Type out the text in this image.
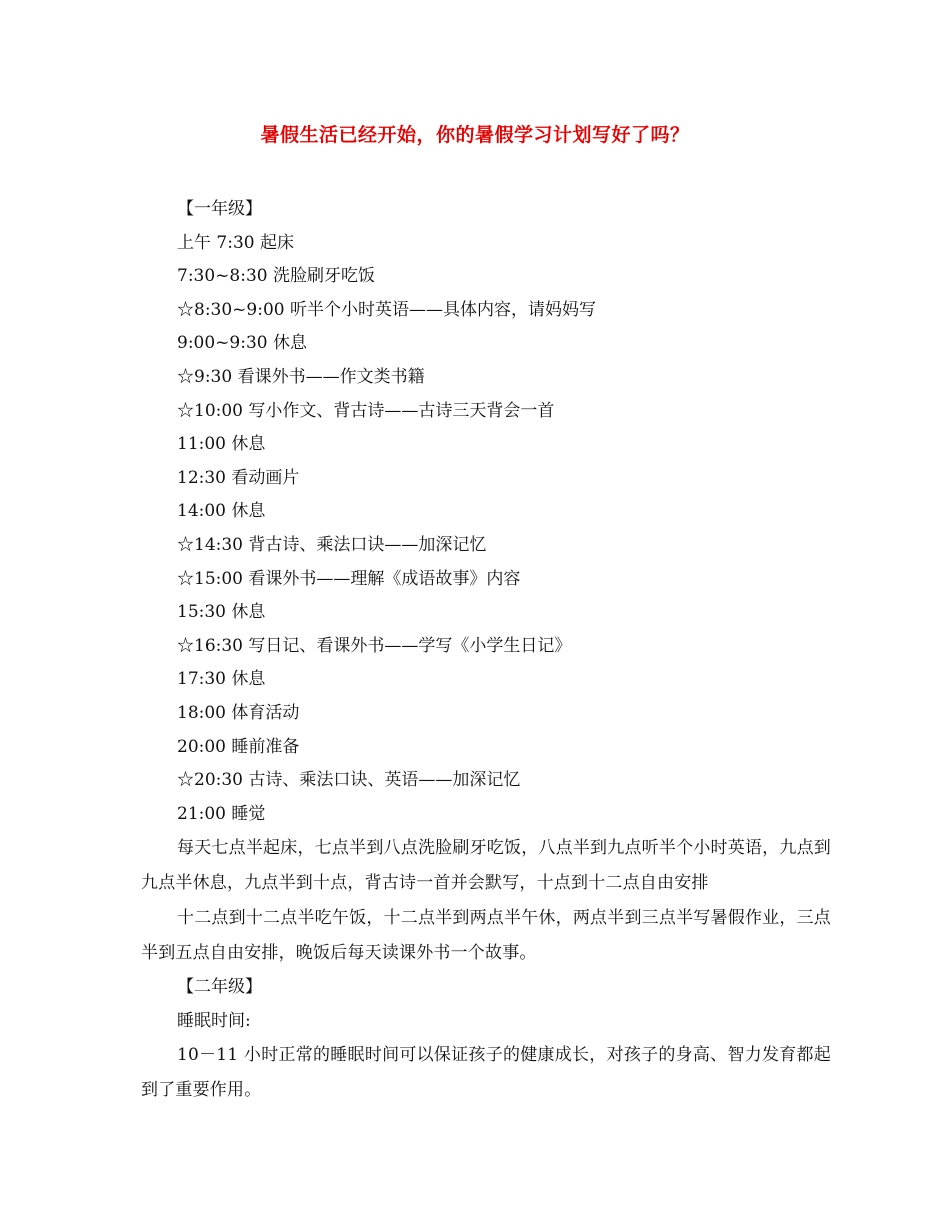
暑假生活已经开始，你的暑假学习计划写好了吗？
【一年级】
上午 7:30 起床
7:30~8:30 洗脸刷牙吃饭
☆8:30~9:00 听半个小时英语——具体内容，请妈妈写
9:00~9:30 休息
☆9:30 看课外书——作文类书籍
☆10:00 写小作文、背古诗——古诗三天背会一首
11:00 休息
12:30 看动画片
14:00 休息
☆14:30 背古诗、乘法口诀——加深记忆
☆15:00 看课外书——理解《成语故事》内容
15:30 休息
☆16:30 写日记、看课外书——学写《小学生日记》
17:30 休息
18:00 体育活动
20:00 睡前准备
☆20:30 古诗、乘法口诀、英语——加深记忆
21:00 睡觉
每天七点半起床，七点半到八点洗脸刷牙吃饭，八点半到九点听半个小时英语，九点到九点半休息，九点半到十点，背古诗一首并会默写，十点到十二点自由安排
十二点到十二点半吃午饭，十二点半到两点半午休，两点半到三点半写暑假作业，三点半到五点自由安排，晚饭后每天读课外书一个故事。
【二年级】
睡眠时间:
10－11 小时正常的睡眠时间可以保证孩子的健康成长，对孩子的身高、智力发育都起到了重要作用。
